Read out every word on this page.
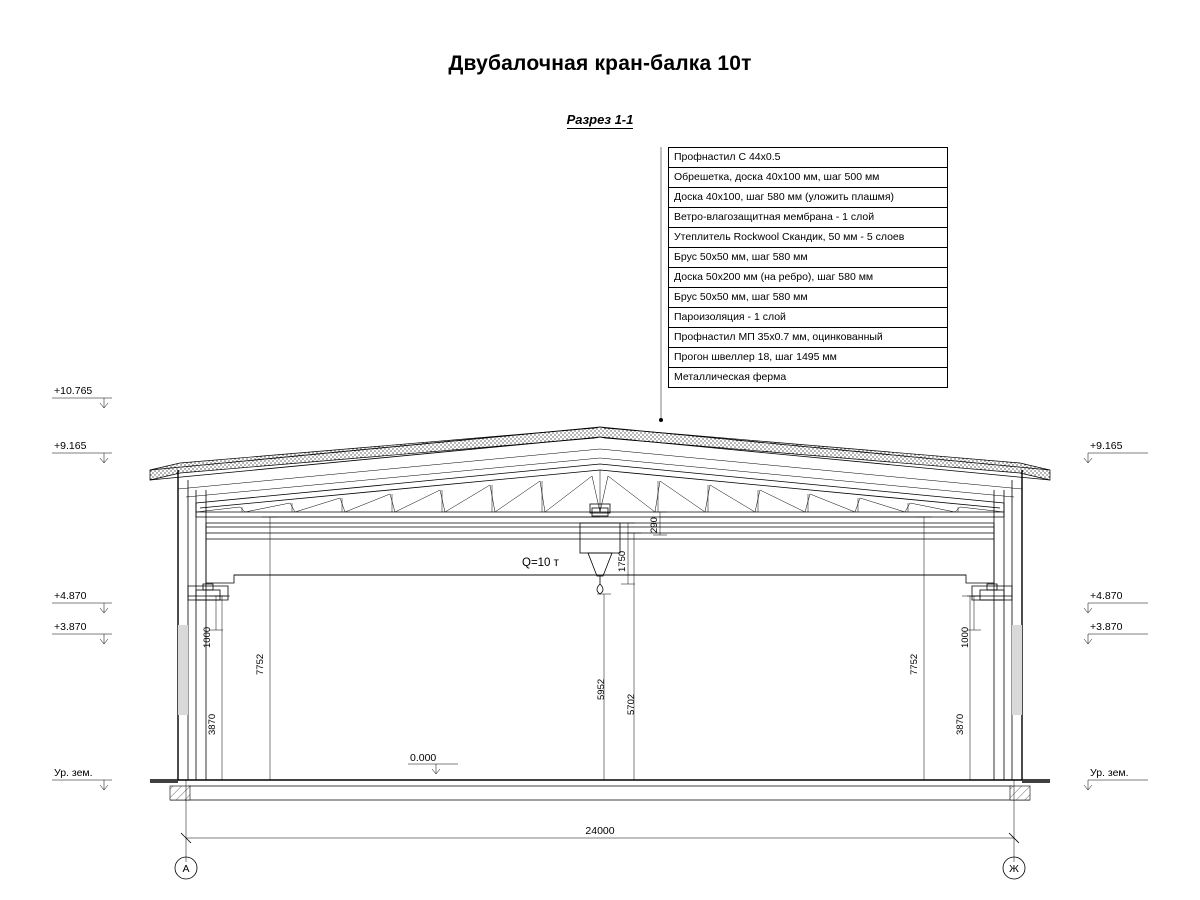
Двубалочная кран-балка 10т
Разрез 1-1
Профнастил С 44х0.5
Обрешетка, доска 40х100 мм, шаг 500 мм
Доска 40х100, шаг 580 мм (уложить плашмя)
Ветро-влагозащитная мембрана - 1 слой
Утеплитель Rockwool Скандик, 50 мм - 5 слоев
Брус 50х50 мм, шаг 580 мм
Доска 50х200 мм (на ребро), шаг 580 мм
Брус 50х50 мм, шаг 580 мм
Пароизоляция - 1 слой
Профнастил МП 35х0.7 мм, оцинкованный
Прогон швеллер 18, шаг 1495 мм
Металлическая ферма
Q=10 т
+10.765
+9.165
+4.870
+3.870
Ур. зем.
+9.165
+4.870
+3.870
Ур. зем.
0.000
7752
3870
1000
7752
3870
1000
5952
5702
1750
290
24000
А	Ж
